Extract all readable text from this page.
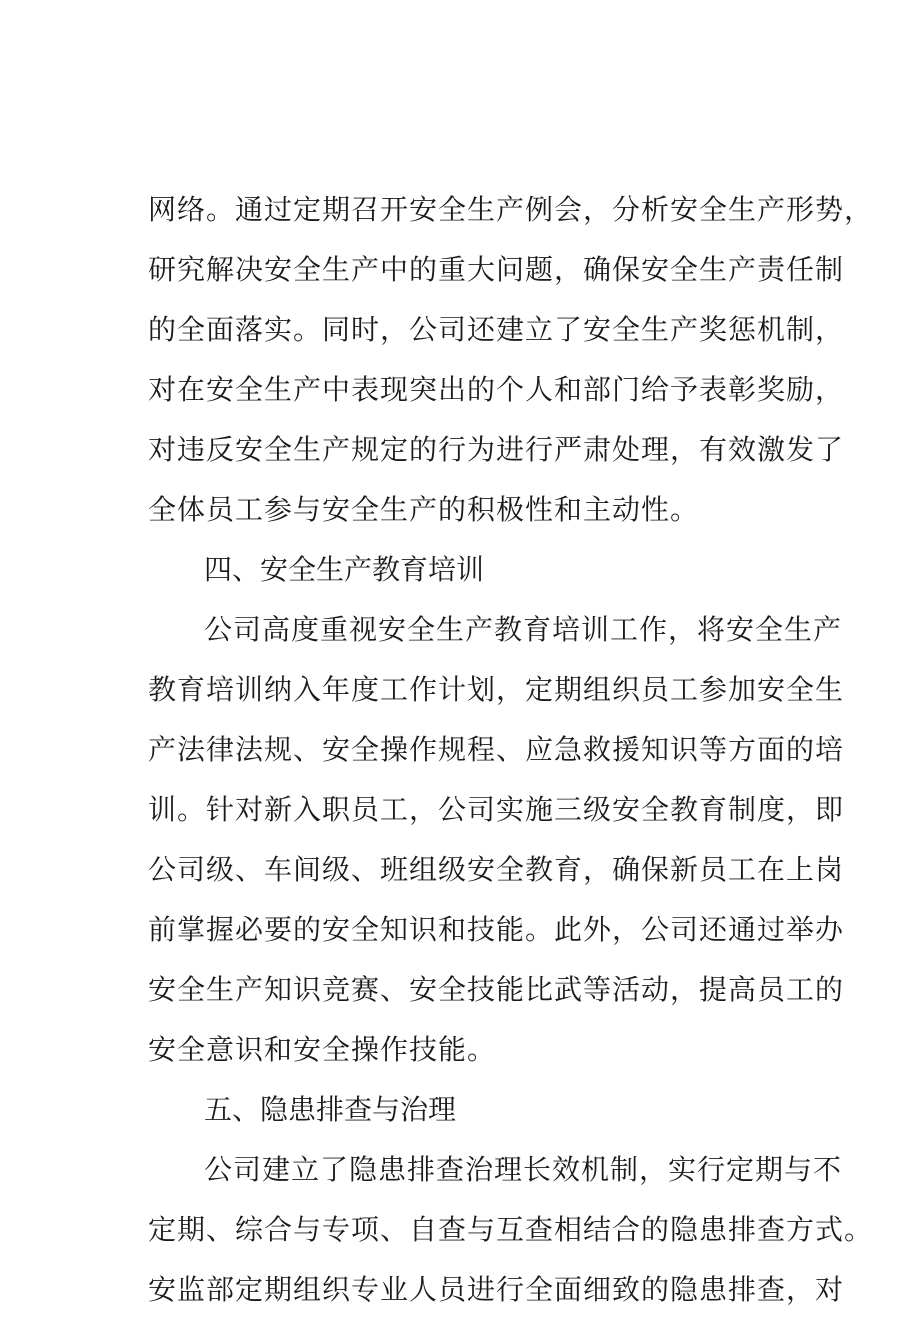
网络。通过定期召开安全生产例会，分析安全生产形势，
研究解决安全生产中的重大问题，确保安全生产责任制
的全面落实。同时，公司还建立了安全生产奖惩机制，
对在安全生产中表现突出的个人和部门给予表彰奖励，
对违反安全生产规定的行为进行严肃处理，有效激发了
全体员工参与安全生产的积极性和主动性。
四、安全生产教育培训
公司高度重视安全生产教育培训工作，将安全生产
教育培训纳入年度工作计划，定期组织员工参加安全生
产法律法规、安全操作规程、应急救援知识等方面的培
训。针对新入职员工，公司实施三级安全教育制度，即
公司级、车间级、班组级安全教育，确保新员工在上岗
前掌握必要的安全知识和技能。此外，公司还通过举办
安全生产知识竞赛、安全技能比武等活动，提高员工的
安全意识和安全操作技能。
五、隐患排查与治理
公司建立了隐患排查治理长效机制，实行定期与不
定期、综合与专项、自查与互查相结合的隐患排查方式。
安监部定期组织专业人员进行全面细致的隐患排查，对
